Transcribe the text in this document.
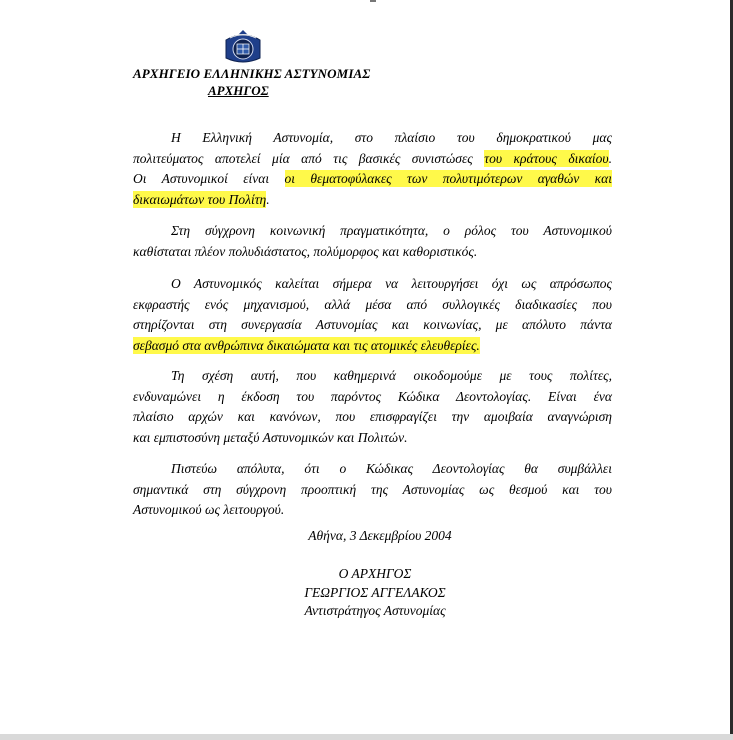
ΑΡΧΗΓΕΙΟ ΕΛΛΗΝΙΚΗΣ ΑΣΤΥΝΟΜΙΑΣ
ΑΡΧΗΓΟΣ
Η Ελληνική Αστυνομία, στο πλαίσιο του δημοκρατικού μας
πολιτεύματος αποτελεί μία από τις βασικές συνιστώσες του κράτους δικαίου.
Οι Αστυνομικοί είναι οι θεματοφύλακες των πολυτιμότερων αγαθών και
δικαιωμάτων του Πολίτη.
Στη σύγχρονη κοινωνική πραγματικότητα, ο ρόλος του Αστυνομικού
καθίσταται πλέον πολυδιάστατος, πολύμορφος και καθοριστικός.
Ο Αστυνομικός καλείται σήμερα να λειτουργήσει όχι ως απρόσωπος
εκφραστής ενός μηχανισμού, αλλά μέσα από συλλογικές διαδικασίες που
στηρίζονται στη συνεργασία Αστυνομίας και κοινωνίας, με απόλυτο πάντα
σεβασμό στα ανθρώπινα δικαιώματα και τις ατομικές ελευθερίες.
Τη σχέση αυτή, που καθημερινά οικοδομούμε με τους πολίτες,
ενδυναμώνει η έκδοση του παρόντος Κώδικα Δεοντολογίας. Είναι ένα
πλαίσιο αρχών και κανόνων, που επισφραγίζει την αμοιβαία αναγνώριση
και εμπιστοσύνη μεταξύ Αστυνομικών και Πολιτών.
Πιστεύω απόλυτα, ότι ο Κώδικας Δεοντολογίας θα συμβάλλει
σημαντικά στη σύγχρονη προοπτική της Αστυνομίας ως θεσμού και του
Αστυνομικού ως λειτουργού.
Αθήνα, 3 Δεκεμβρίου 2004
Ο ΑΡΧΗΓΟΣ
ΓΕΩΡΓΙΟΣ ΑΓΓΕΛΑΚΟΣ
Αντιστράτηγος Αστυνομίας
